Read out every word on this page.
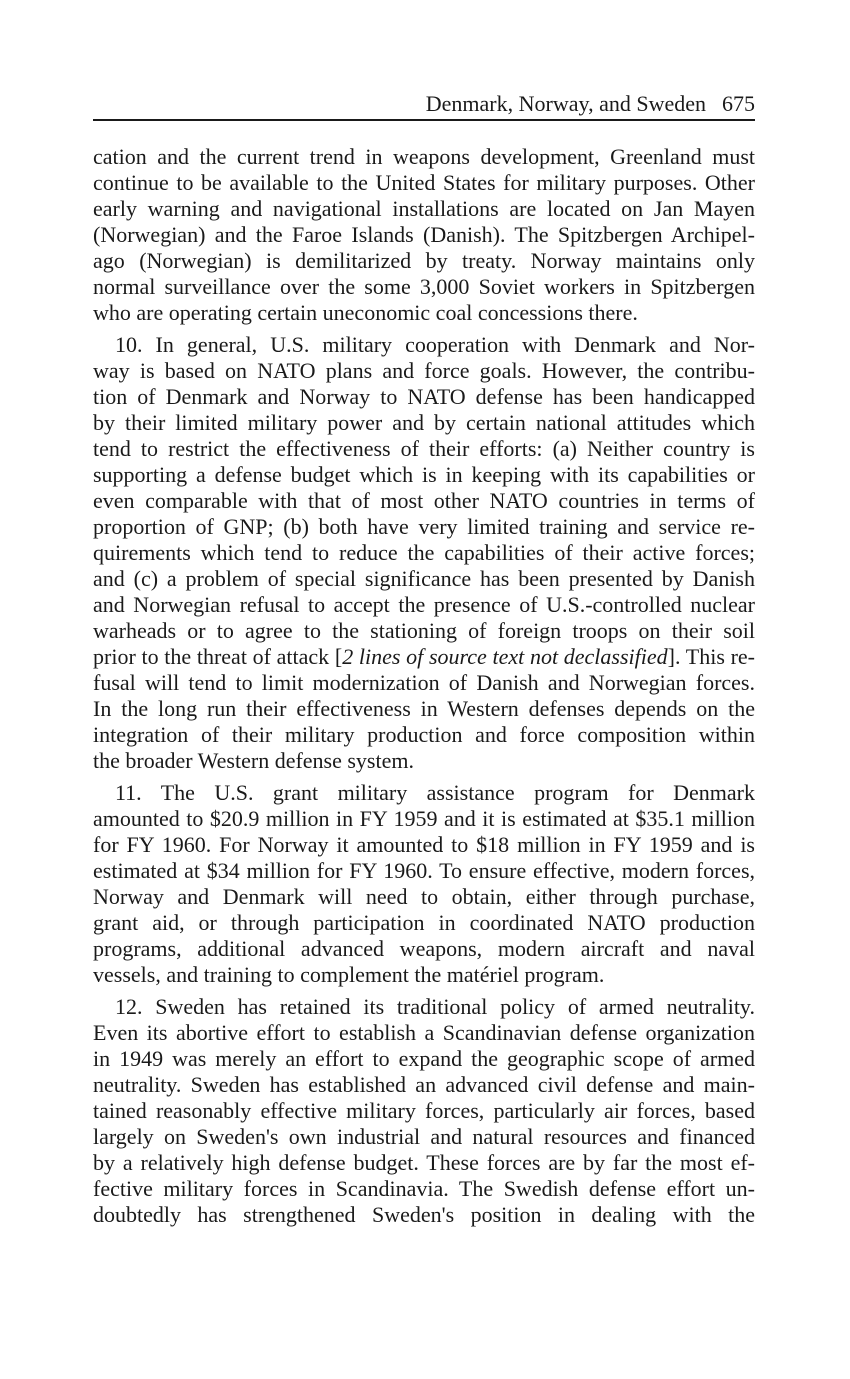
Denmark, Norway, and Sweden 675
cation and the current trend in weapons development, Greenland must
continue to be available to the United States for military purposes. Other
early warning and navigational installations are located on Jan Mayen
(Norwegian) and the Faroe Islands (Danish). The Spitzbergen Archipel-
ago (Norwegian) is demilitarized by treaty. Norway maintains only
normal surveillance over the some 3,000 Soviet workers in Spitzbergen
who are operating certain uneconomic coal concessions there.
10. In general, U.S. military cooperation with Denmark and Nor-
way is based on NATO plans and force goals. However, the contribu-
tion of Denmark and Norway to NATO defense has been handicapped
by their limited military power and by certain national attitudes which
tend to restrict the effectiveness of their efforts: (a) Neither country is
supporting a defense budget which is in keeping with its capabilities or
even comparable with that of most other NATO countries in terms of
proportion of GNP; (b) both have very limited training and service re-
quirements which tend to reduce the capabilities of their active forces;
and (c) a problem of special significance has been presented by Danish
and Norwegian refusal to accept the presence of U.S.-controlled nuclear
warheads or to agree to the stationing of foreign troops on their soil
prior to the threat of attack [2 lines of source text not declassified]. This re-
fusal will tend to limit modernization of Danish and Norwegian forces.
In the long run their effectiveness in Western defenses depends on the
integration of their military production and force composition within
the broader Western defense system.
11. The U.S. grant military assistance program for Denmark
amounted to $20.9 million in FY 1959 and it is estimated at $35.1 million
for FY 1960. For Norway it amounted to $18 million in FY 1959 and is
estimated at $34 million for FY 1960. To ensure effective, modern forces,
Norway and Denmark will need to obtain, either through purchase,
grant aid, or through participation in coordinated NATO production
programs, additional advanced weapons, modern aircraft and naval
vessels, and training to complement the matériel program.
12. Sweden has retained its traditional policy of armed neutrality.
Even its abortive effort to establish a Scandinavian defense organization
in 1949 was merely an effort to expand the geographic scope of armed
neutrality. Sweden has established an advanced civil defense and main-
tained reasonably effective military forces, particularly air forces, based
largely on Sweden's own industrial and natural resources and financed
by a relatively high defense budget. These forces are by far the most ef-
fective military forces in Scandinavia. The Swedish defense effort un-
doubtedly has strengthened Sweden's position in dealing with the
